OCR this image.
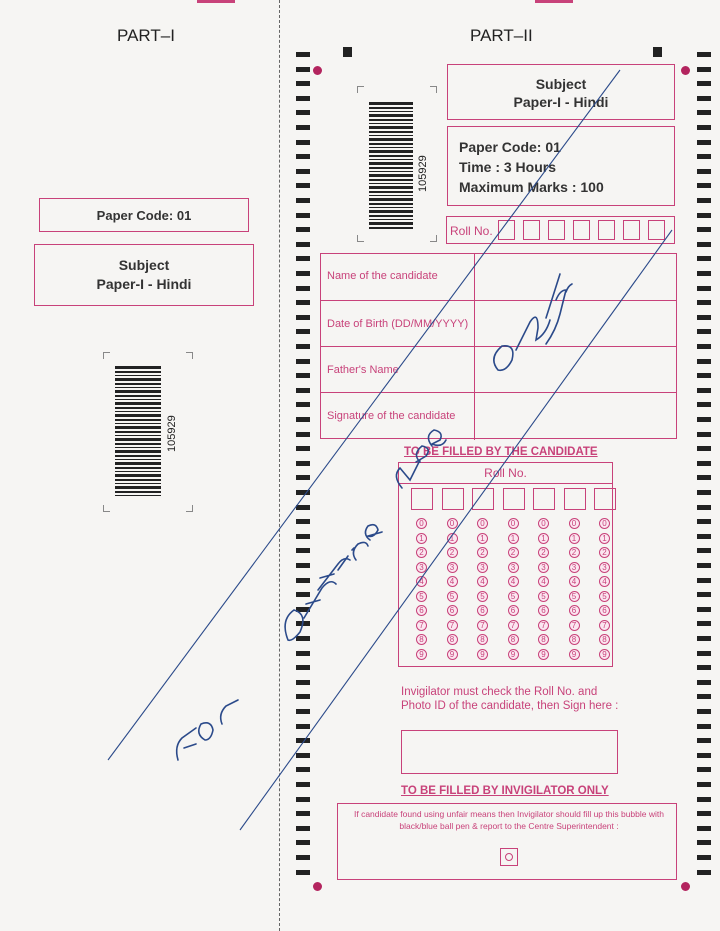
PART–I
Paper Code: 01
Subject
Paper-I - Hindi
105929
PART–II
105929
Subject
Paper-I - Hindi
Paper Code: 01
Time : 3 Hours
Maximum Marks : 100
Roll No.
Name of the candidate
Date of Birth (DD/MM/YYYY)
Father's Name
Signature of the candidate
TO BE FILLED BY THE CANDIDATE
Roll No.
0
1
2
3
4
5
6
7
8
9
0
1
2
3
4
5
6
7
8
9
0
1
2
3
4
5
6
7
8
9
0
1
2
3
4
5
6
7
8
9
0
1
2
3
4
5
6
7
8
9
0
1
2
3
4
5
6
7
8
9
0
1
2
3
4
5
6
7
8
9
Invigilator must check the Roll No. and Photo ID of the candidate, then Sign here :
TO BE FILLED BY INVIGILATOR ONLY
If candidate found using unfair means then Invigilator should fill up this bubble with black/blue ball pen & report to the Centre Superintendent :
